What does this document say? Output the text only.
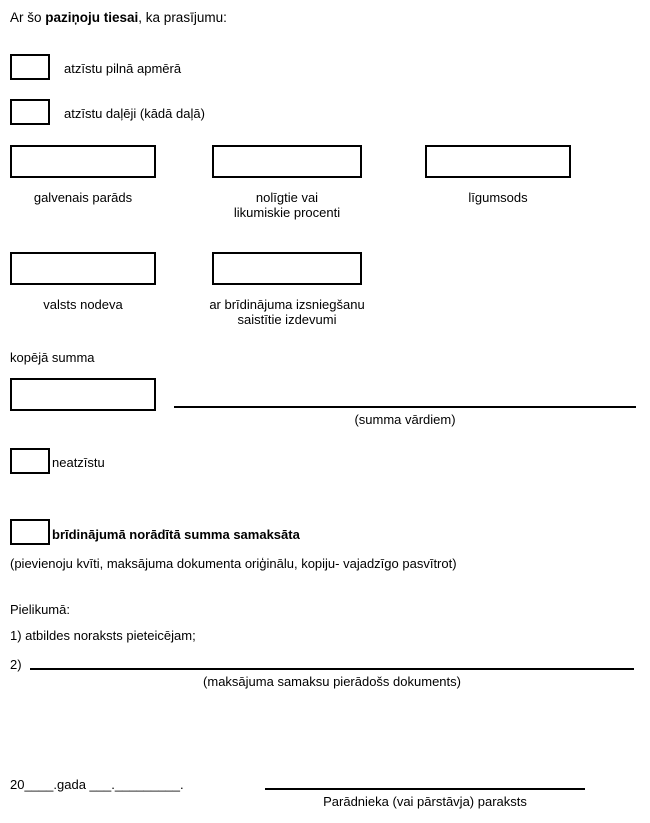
Ar šo paziņoju tiesai, ka prasījumu:
atzīstu pilnā apmērā
atzīstu daļēji (kādā daļā)
galvenais parāds	nolīgtie vai
likumiskie procenti
līgumsods
valsts nodeva	ar brīdinājuma izsniegšanu
saistītie izdevumi
kopējā summa
(summa vārdiem)
neatzīstu
brīdinājumā norādītā summa samaksāta
(pievienoju kvīti, maksājuma dokumenta oriģinālu, kopiju- vajadzīgo pasvītrot)
Pielikumā:
1) atbildes noraksts pieteicējam;
2)
(maksājuma samaksu pierādošs dokuments)
20____.gada ___._________.
Parādnieka (vai pārstāvja) paraksts
